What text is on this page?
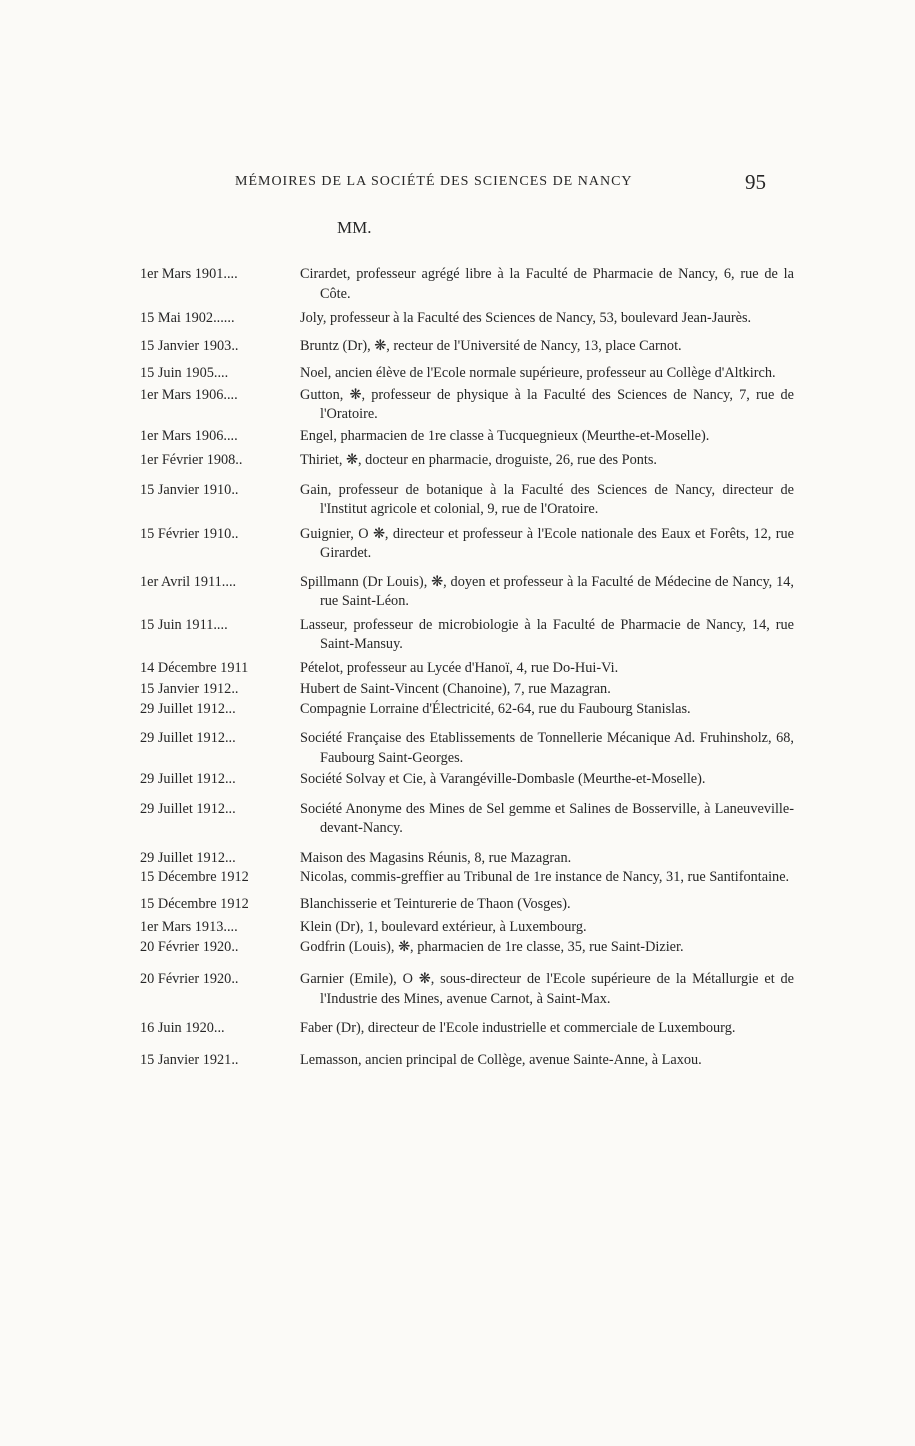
MÉMOIRES DE LA SOCIÉTÉ DES SCIENCES DE NANCY	95
MM.
1er Mars 1901....	Cirardet, professeur agrégé libre à la Faculté de Pharmacie de Nancy, 6, rue de la Côte.
15 Mai 1902......	Joly, professeur à la Faculté des Sciences de Nancy, 53, boulevard Jean-Jaurès.
15 Janvier 1903..	Bruntz (Dr), ❋, recteur de l'Université de Nancy, 13, place Carnot.
15 Juin 1905....	Noel, ancien élève de l'Ecole normale supérieure, professeur au Collège d'Altkirch.
1er Mars 1906....	Gutton, ❋, professeur de physique à la Faculté des Sciences de Nancy, 7, rue de l'Oratoire.
1er Mars 1906....	Engel, pharmacien de 1re classe à Tucquegnieux (Meurthe-et-Moselle).
1er Février 1908..	Thiriet, ❋, docteur en pharmacie, droguiste, 26, rue des Ponts.
15 Janvier 1910..	Gain, professeur de botanique à la Faculté des Sciences de Nancy, directeur de l'Institut agricole et colonial, 9, rue de l'Oratoire.
15 Février 1910..	Guignier, O ❋, directeur et professeur à l'Ecole nationale des Eaux et Forêts, 12, rue Girardet.
1er Avril 1911....	Spillmann (Dr Louis), ❋, doyen et professeur à la Faculté de Médecine de Nancy, 14, rue Saint-Léon.
15 Juin 1911....	Lasseur, professeur de microbiologie à la Faculté de Pharmacie de Nancy, 14, rue Saint-Mansuy.
14 Décembre 1911	Pételot, professeur au Lycée d'Hanoï, 4, rue Do-Hui-Vi.
15 Janvier 1912..	Hubert de Saint-Vincent (Chanoine), 7, rue Mazagran.
29 Juillet 1912...	Compagnie Lorraine d'Électricité, 62-64, rue du Faubourg Stanislas.
29 Juillet 1912...	Société Française des Etablissements de Tonnellerie Mécanique Ad. Fruhinsholz, 68, Faubourg Saint-Georges.
29 Juillet 1912...	Société Solvay et Cie, à Varangéville-Dombasle (Meurthe-et-Moselle).
29 Juillet 1912...	Société Anonyme des Mines de Sel gemme et Salines de Bosserville, à Laneuveville-devant-Nancy.
29 Juillet 1912...	Maison des Magasins Réunis, 8, rue Mazagran.
15 Décembre 1912	Nicolas, commis-greffier au Tribunal de 1re instance de Nancy, 31, rue Santifontaine.
15 Décembre 1912	Blanchisserie et Teinturerie de Thaon (Vosges).
1er Mars 1913....	Klein (Dr), 1, boulevard extérieur, à Luxembourg.
20 Février 1920..	Godfrin (Louis), ❋, pharmacien de 1re classe, 35, rue Saint-Dizier.
20 Février 1920..	Garnier (Emile), O ❋, sous-directeur de l'Ecole supérieure de la Métallurgie et de l'Industrie des Mines, avenue Carnot, à Saint-Max.
16 Juin 1920...	Faber (Dr), directeur de l'Ecole industrielle et commerciale de Luxembourg.
15 Janvier 1921..	Lemasson, ancien principal de Collège, avenue Sainte-Anne, à Laxou.
